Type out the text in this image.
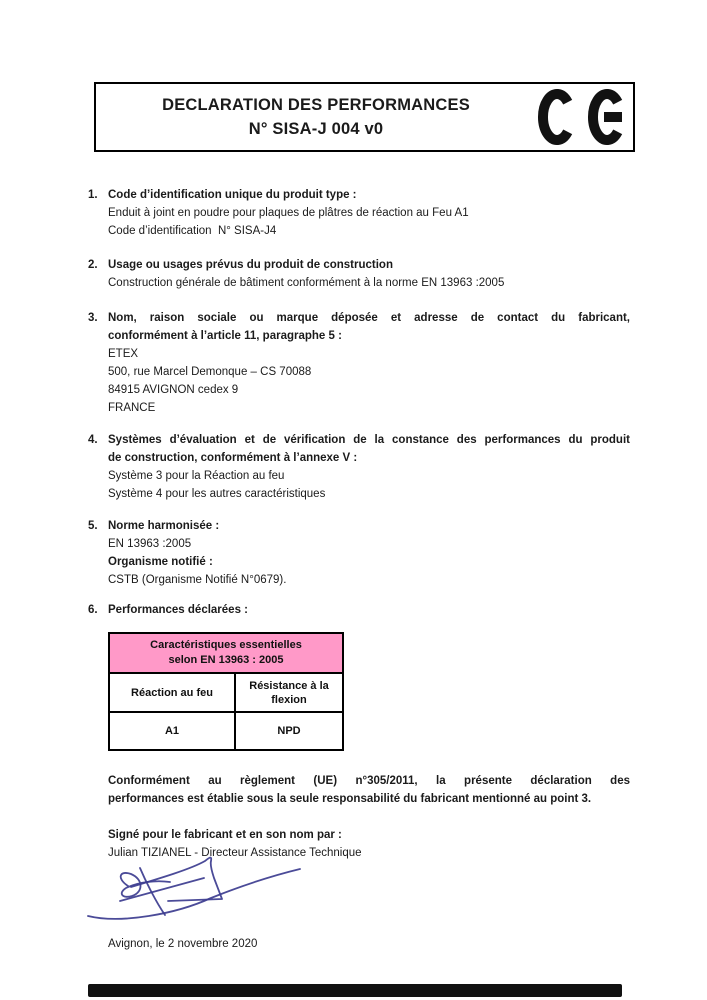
DECLARATION DES PERFORMANCES
N° SISA-J 004 v0
1. Code d’identification unique du produit type :
Enduit à joint en poudre pour plaques de plâtres de réaction au Feu A1
Code d’identification  N° SISA-J4
2. Usage ou usages prévus du produit de construction
Construction générale de bâtiment conformément à la norme EN 13963 :2005
3. Nom, raison sociale ou marque déposée et adresse de contact du fabricant,
conformément à l’article 11, paragraphe 5 :
ETEX
500, rue Marcel Demonque – CS 70088
84915 AVIGNON cedex 9
FRANCE
4. Systèmes d’évaluation et de vérification de la constance des performances du produit
de construction, conformément à l’annexe V :
Système 3 pour la Réaction au feu
Système 4 pour les autres caractéristiques
5. Norme harmonisée :
EN 13963 :2005
Organisme notifié :
CSTB (Organisme Notifié N°0679).
6. Performances déclarées :
Caractéristiques essentielles
selon EN 13963 : 2005	

Réaction au feu	Résistance à la flexion
A1	NPD
Conformément au règlement (UE) n°305/2011, la présente déclaration des
performances est établie sous la seule responsabilité du fabricant mentionné au point 3.
Signé pour le fabricant et en son nom par :
Julian TIZIANEL - Directeur Assistance Technique
Avignon, le 2 novembre 2020
